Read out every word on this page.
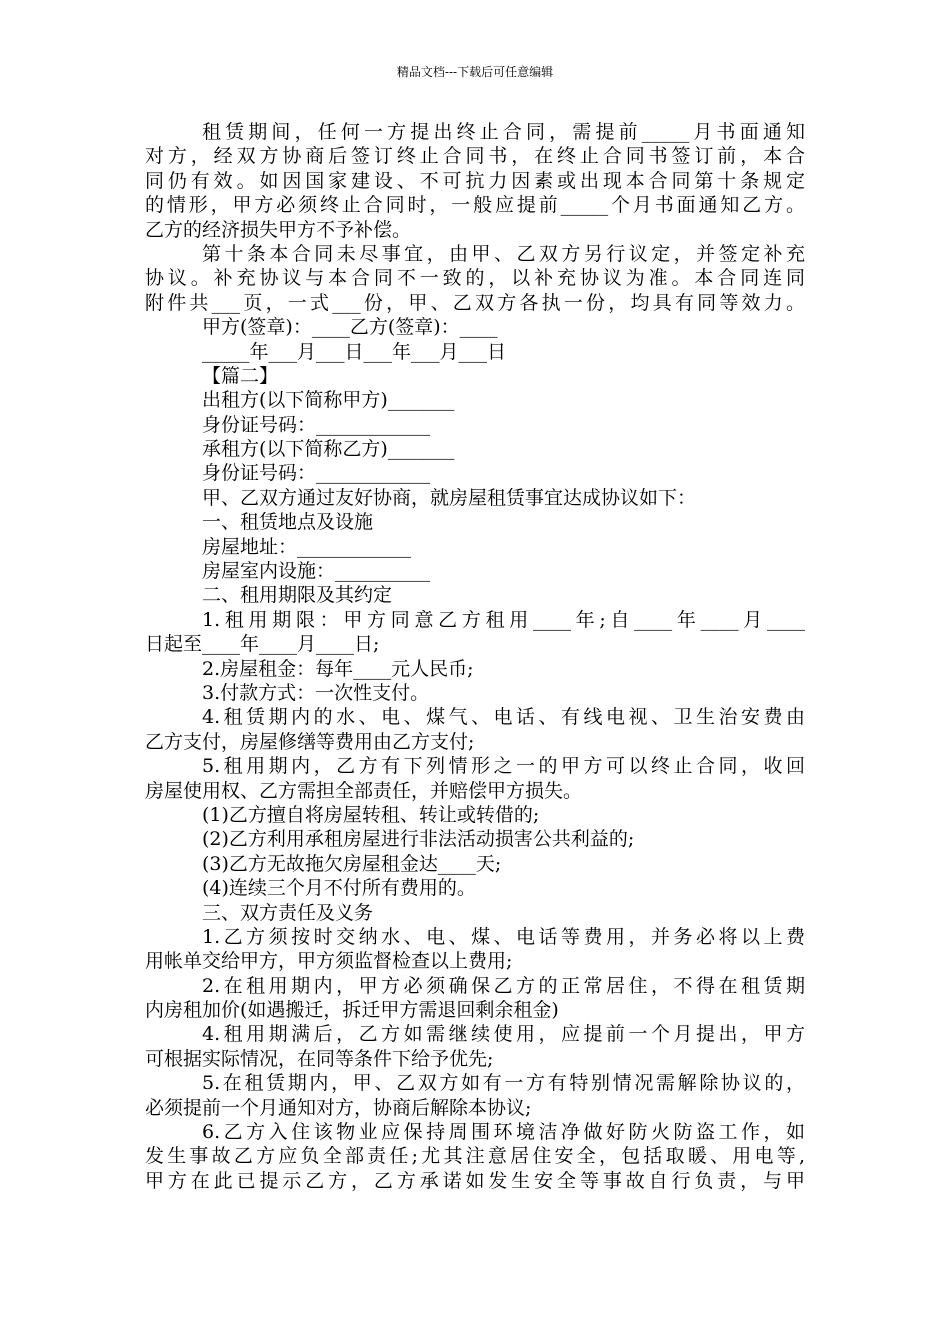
精品文档---下载后可任意编辑
租赁期间，任何一方提出终止合同，需提前_____月书面通知
对方，经双方协商后签订终止合同书，在终止合同书签订前，本合
同仍有效。如因国家建设、不可抗力因素或出现本合同第十条规定
的情形，甲方必须终止合同时，一般应提前_____个月书面通知乙方。
乙方的经济损失甲方不予补偿。
第十条本合同未尽事宜，由甲、乙双方另行议定，并签定补充
协议。补充协议与本合同不一致的，以补充协议为准。本合同连同
附件共___页，一式___份，甲、乙双方各执一份，均具有同等效力。
甲方(签章)：____乙方(签章)：____
_____年___月___日___年___月___日
【篇二】
出租方(以下简称甲方)_______
身份证号码：____________
承租方(以下简称乙方)_______
身份证号码：____________
甲、乙双方通过友好协商，就房屋租赁事宜达成协议如下：
一、租赁地点及设施
房屋地址：____________
房屋室内设施：__________
二、租用期限及其约定
1.租用期限：甲方同意乙方租用____年;自____年____月____
日起至____年____月____日;
2.房屋租金：每年____元人民币;
3.付款方式：一次性支付。
4.租赁期内的水、电、煤气、电话、有线电视、卫生治安费由
乙方支付，房屋修缮等费用由乙方支付;
5.租用期内，乙方有下列情形之一的甲方可以终止合同，收回
房屋使用权、乙方需担全部责任，并赔偿甲方损失。
(1)乙方擅自将房屋转租、转让或转借的;
(2)乙方利用承租房屋进行非法活动损害公共利益的;
(3)乙方无故拖欠房屋租金达____天;
(4)连续三个月不付所有费用的。
三、双方责任及义务
1.乙方须按时交纳水、电、煤、电话等费用，并务必将以上费
用帐单交给甲方，甲方须监督检查以上费用;
2.在租用期内，甲方必须确保乙方的正常居住，不得在租赁期
内房租加价(如遇搬迁，拆迁甲方需退回剩余租金)
4.租用期满后，乙方如需继续使用，应提前一个月提出，甲方
可根据实际情况，在同等条件下给予优先;
5.在租赁期内，甲、乙双方如有一方有特别情况需解除协议的，
必须提前一个月通知对方，协商后解除本协议;
6.乙方入住该物业应保持周围环境洁净做好防火防盗工作，如
发生事故乙方应负全部责任;尤其注意居住安全，包括取暖、用电等,
甲方在此已提示乙方，乙方承诺如发生安全等事故自行负责，与甲
